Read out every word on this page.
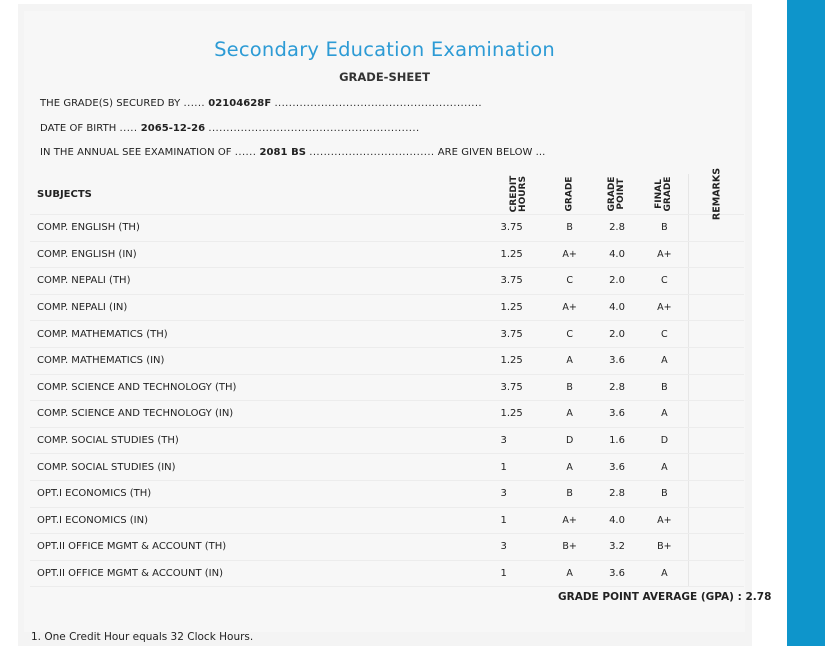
Secondary Education Examination
GRADE-SHEET
THE GRADE(S) SECURED BY ...... 02104628F ..........................................................
DATE OF BIRTH ..... 2065-12-26 ...........................................................
IN THE ANNUAL SEE EXAMINATION OF ...... 2081 BS ................................... ARE GIVEN BELOW ...
SUBJECTS	CREDIT HOURS	GRADE	GRADE POINT	FINAL GRADE	REMARKS

COMP. ENGLISH (TH)	3.75	B	2.8	B	
COMP. ENGLISH (IN)	1.25	A+	4.0	A+	
COMP. NEPALI (TH)	3.75	C	2.0	C	
COMP. NEPALI (IN)	1.25	A+	4.0	A+	
COMP. MATHEMATICS (TH)	3.75	C	2.0	C	
COMP. MATHEMATICS (IN)	1.25	A	3.6	A	
COMP. SCIENCE AND TECHNOLOGY (TH)	3.75	B	2.8	B	
COMP. SCIENCE AND TECHNOLOGY (IN)	1.25	A	3.6	A	
COMP. SOCIAL STUDIES (TH)	3	D	1.6	D	
COMP. SOCIAL STUDIES (IN)	1	A	3.6	A	
OPT.I ECONOMICS (TH)	3	B	2.8	B	
OPT.I ECONOMICS (IN)	1	A+	4.0	A+	
OPT.II OFFICE MGMT & ACCOUNT (TH)	3	B+	3.2	B+	
OPT.II OFFICE MGMT & ACCOUNT (IN)	1	A	3.6	A	
GRADE POINT AVERAGE (GPA) : 2.78
1. One Credit Hour equals 32 Clock Hours.
